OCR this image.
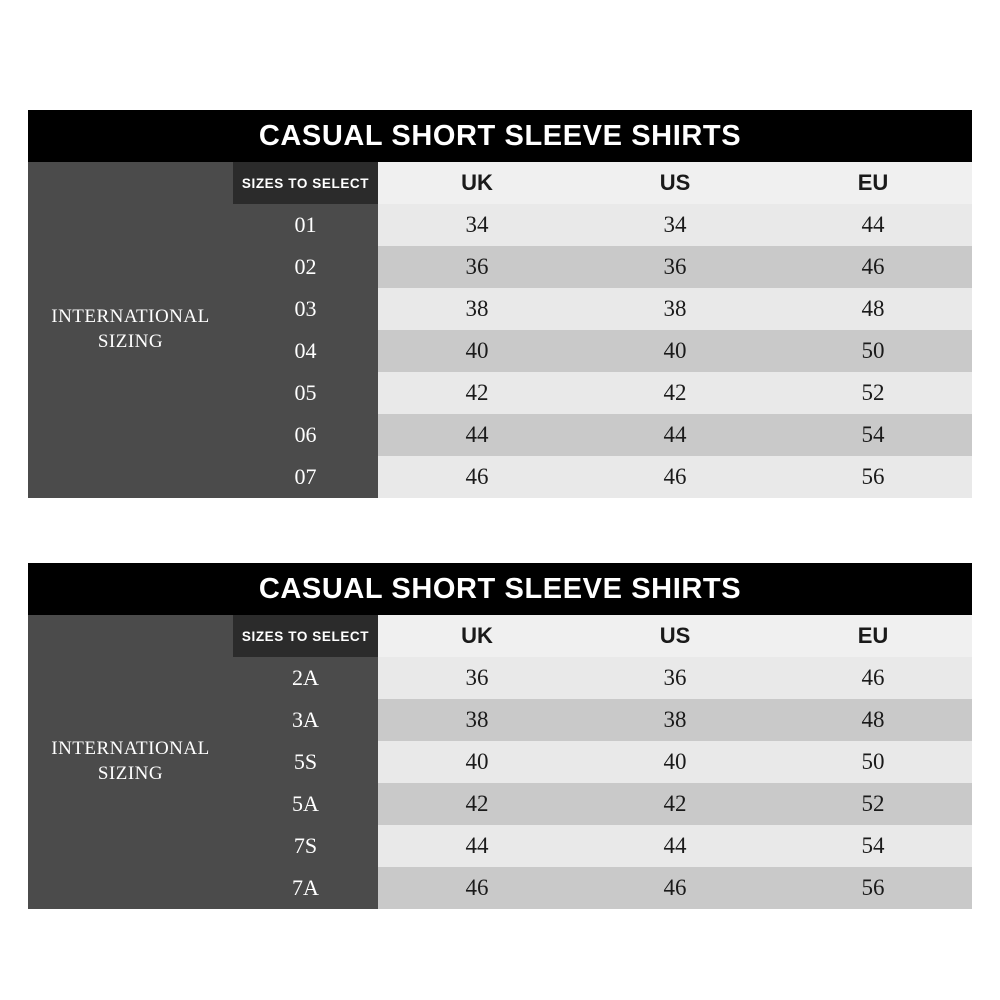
CASUAL SHORT SLEEVE SHIRTS
INTERNATIONAL SIZING
SIZES TO SELECT	UK	US	EU
01	34	34	44
02	36	36	46
03	38	38	48
04	40	40	50
05	42	42	52
06	44	44	54
07	46	46	56
CASUAL SHORT SLEEVE SHIRTS
INTERNATIONAL SIZING
SIZES TO SELECT	UK	US	EU
2A	36	36	46
3A	38	38	48
5S	40	40	50
5A	42	42	52
7S	44	44	54
7A	46	46	56
